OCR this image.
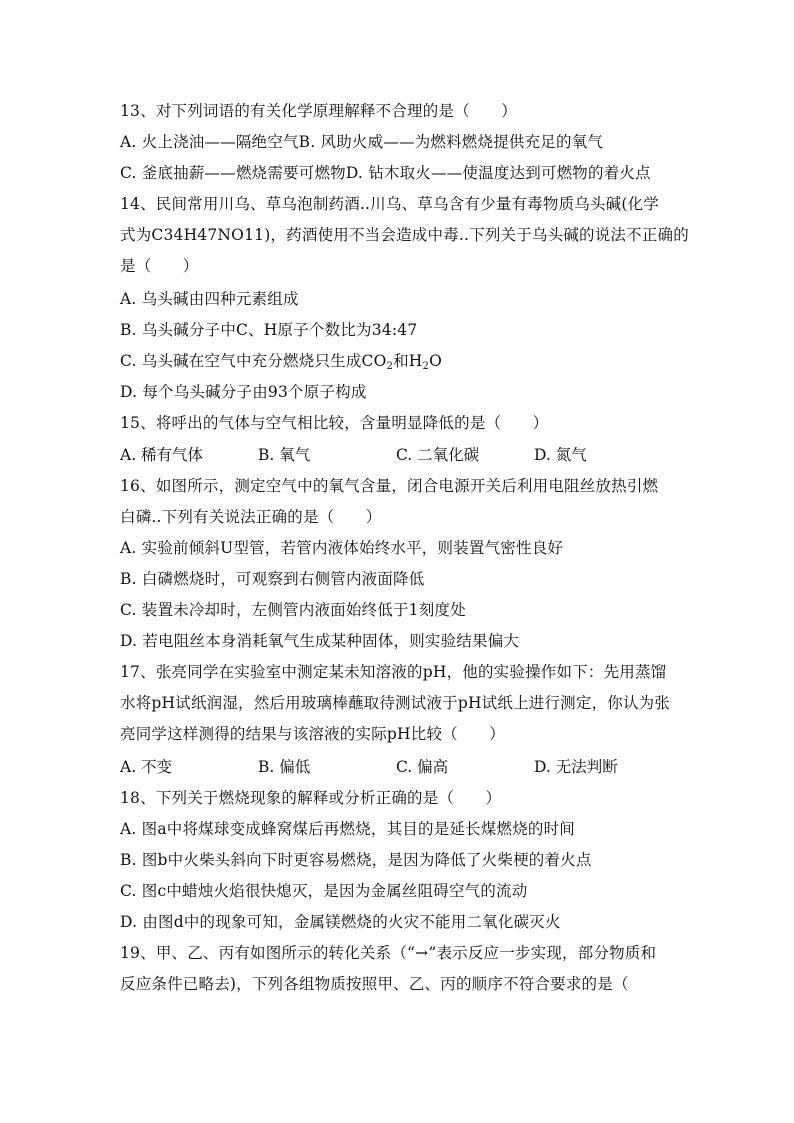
13、对下列词语的有关化学原理解释不合理的是（　　）
A. 火上浇油——隔绝空气B. 风助火威——为燃料燃烧提供充足的氧气
C. 釜底抽薪——燃烧需要可燃物D. 钻木取火——使温度达到可燃物的着火点
14、民间常用川乌、草乌泡制药酒..川乌、草乌含有少量有毒物质乌头碱(化学
式为C34H47NO11)，药酒使用不当会造成中毒..下列关于乌头碱的说法不正确的
是（　　）
A. 乌头碱由四种元素组成
B. 乌头碱分子中C、H原子个数比为34:47
C. 乌头碱在空气中充分燃烧只生成$CO_2$和$H_2O$
D. 每个乌头碱分子由93个原子构成
15、将呼出的气体与空气相比较，含量明显降低的是（　　）
A. 稀有气体	B. 氧气	C. 二氧化碳	D. 氮气
16、如图所示，测定空气中的氧气含量，闭合电源开关后利用电阻丝放热引燃
白磷..下列有关说法正确的是（　　）
A. 实验前倾斜U型管，若管内液体始终水平，则装置气密性良好
B. 白磷燃烧时，可观察到右侧管内液面降低
C. 装置未冷却时，左侧管内液面始终低于1刻度处
D. 若电阻丝本身消耗氧气生成某种固体，则实验结果偏大
17、张亮同学在实验室中测定某未知溶液的pH，他的实验操作如下：先用蒸馏
水将pH试纸润湿，然后用玻璃棒蘸取待测试液于pH试纸上进行测定，你认为张
亮同学这样测得的结果与该溶液的实际pH比较（　　）
A. 不变	B. 偏低	C. 偏高	D. 无法判断
18、下列关于燃烧现象的解释或分析正确的是（　　）
A. 图a中将煤球变成蜂窝煤后再燃烧，其目的是延长煤燃烧的时间
B. 图b中火柴头斜向下时更容易燃烧，是因为降低了火柴梗的着火点
C. 图c中蜡烛火焰很快熄灭，是因为金属丝阻碍空气的流动
D. 由图d中的现象可知，金属镁燃烧的火灾不能用二氧化碳灭火
19、甲、乙、丙有如图所示的转化关系（“→”表示反应一步实现，部分物质和
反应条件已略去)，下列各组物质按照甲、乙、丙的顺序不符合要求的是（
